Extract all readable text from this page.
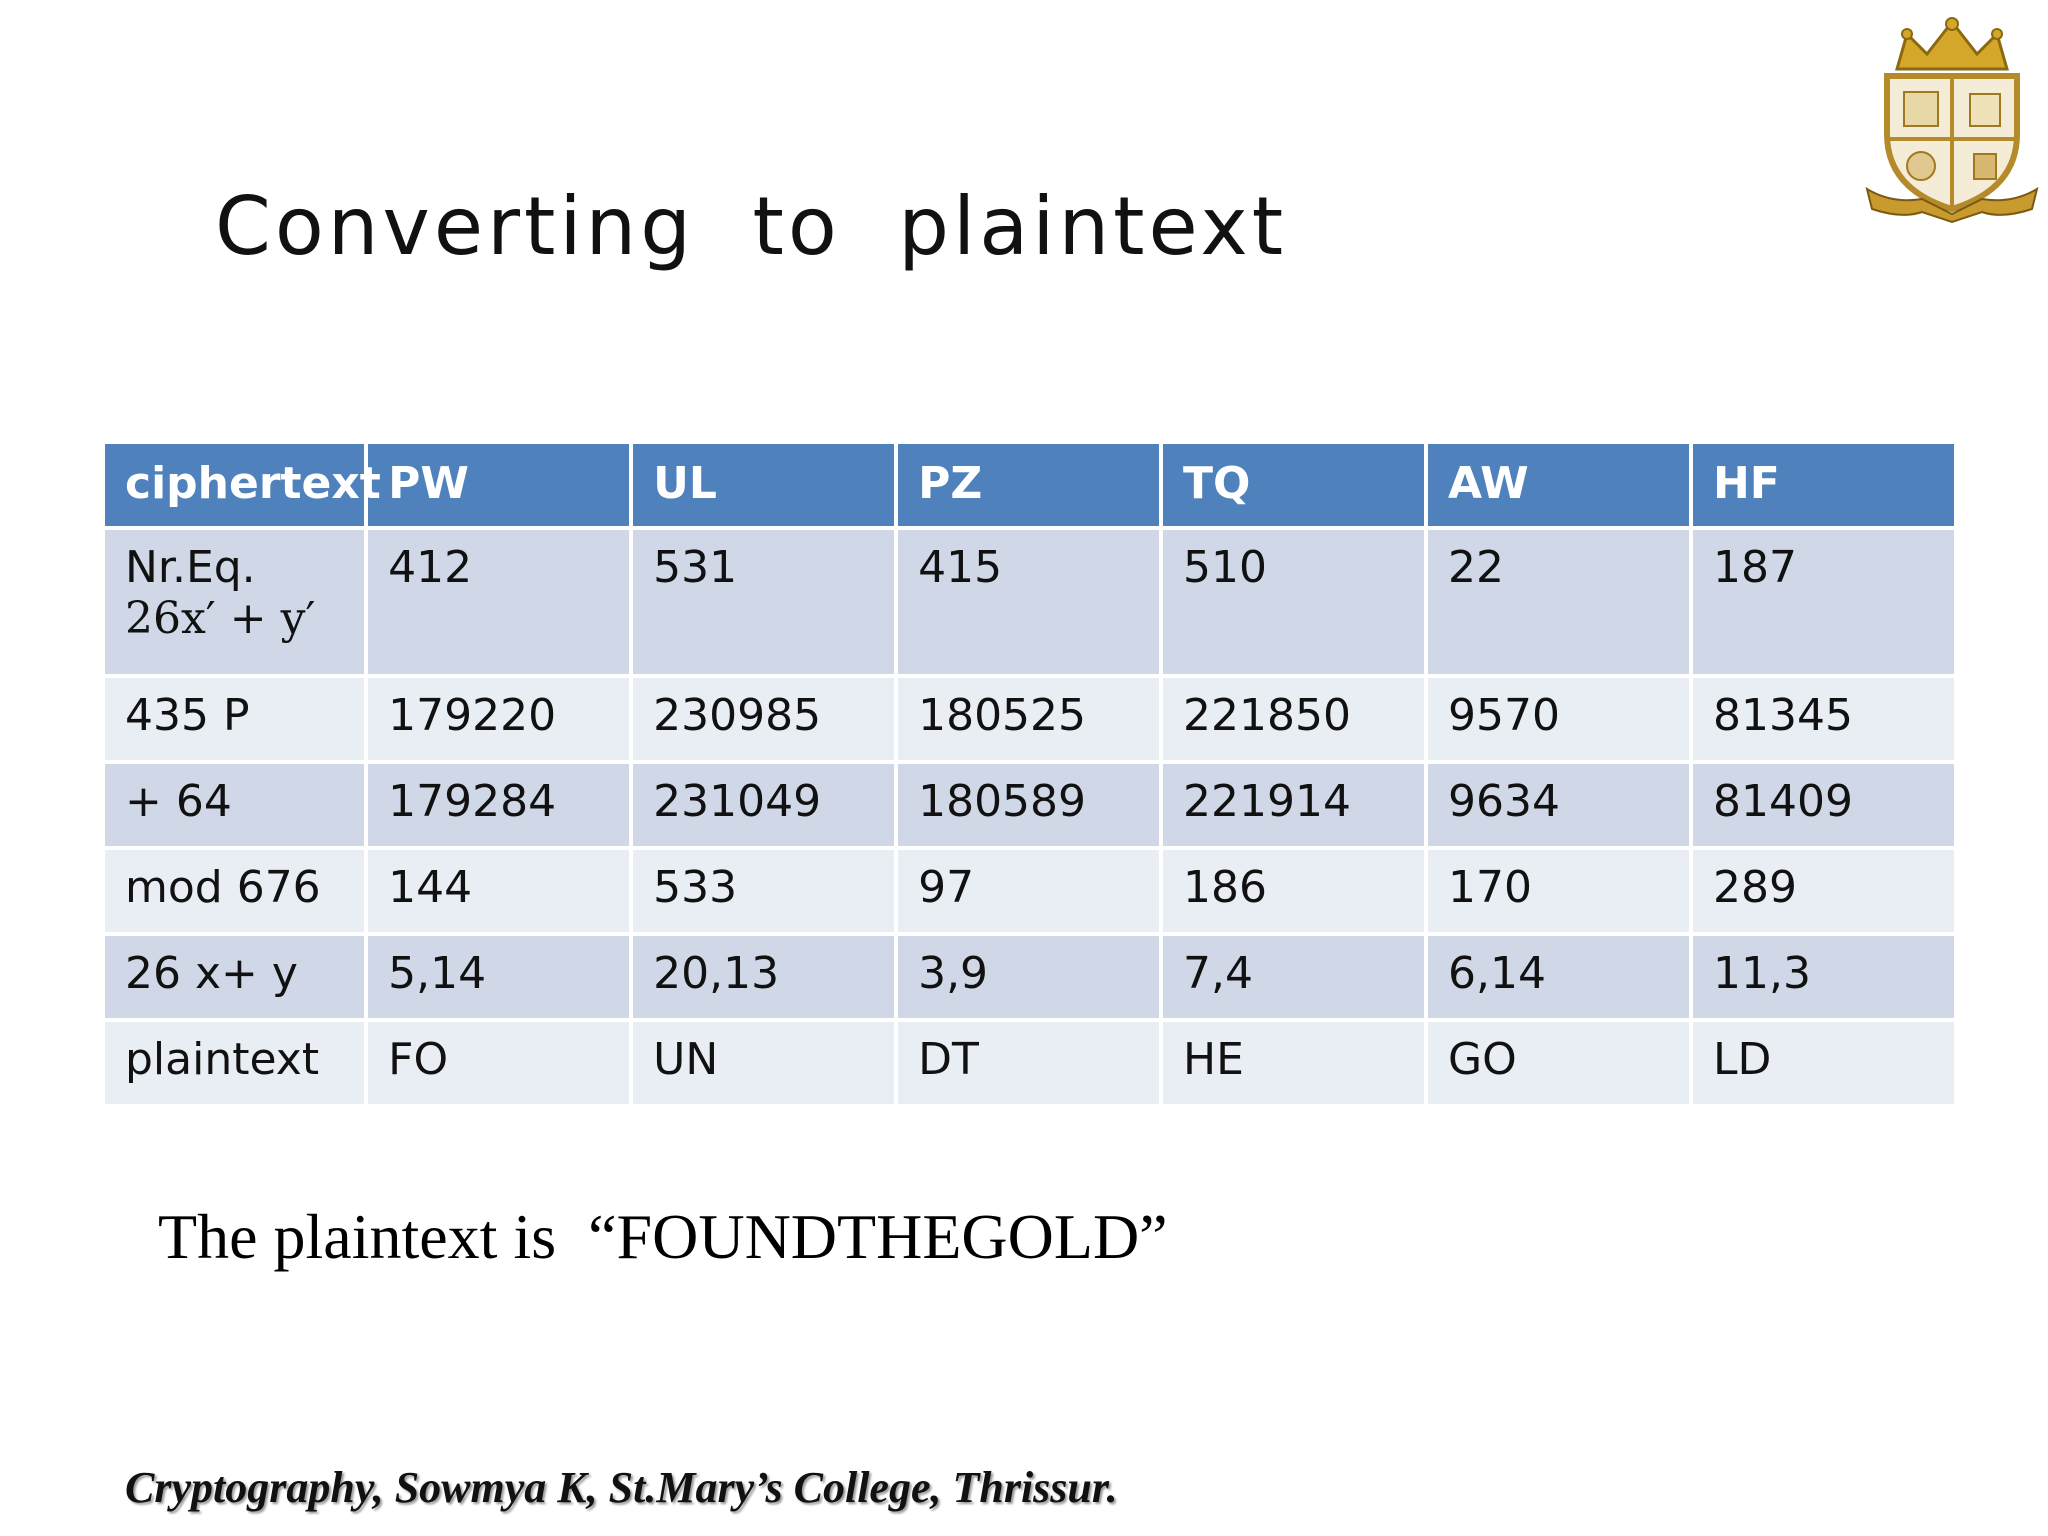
Converting to plaintext
ciphertext	PW	UL	PZ	TQ	AW	HF

Nr.Eq.
26x′ + y′	412	531	415	510	22	187
435 P	179220	230985	180525	221850	9570	81345
+ 64	179284	231049	180589	221914	9634	81409
mod 676	144	533	97	186	170	289
26 x+ y	5,14	20,13	3,9	7,4	6,14	11,3
plaintext	FO	UN	DT	HE	GO	LD
The plaintext is  “FOUNDTHEGOLD”
Cryptography, Sowmya K, St.Mary’s College, Thrissur.
